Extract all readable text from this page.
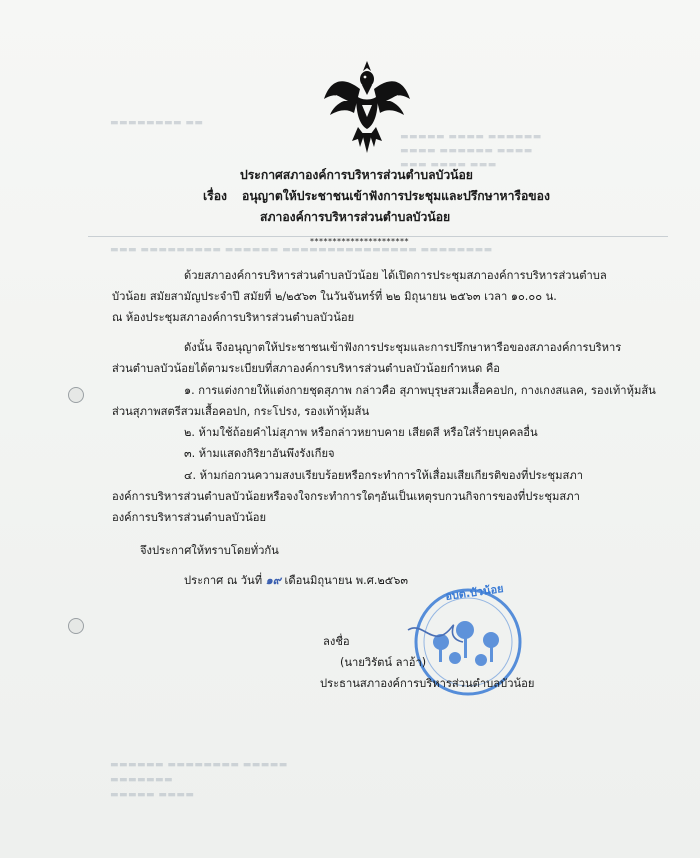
▬▬▬▬▬ ▬▬▬▬ ▬▬▬▬▬▬
▬▬▬▬ ▬▬▬▬▬▬ ▬▬▬▬
▬▬▬ ▬▬▬▬ ▬▬▬
▬▬▬▬▬▬▬▬ ▬▬
▬▬▬ ▬▬▬▬▬▬▬▬▬ ▬▬▬▬▬▬ ▬▬▬▬▬▬▬▬▬▬▬▬▬▬▬ ▬▬▬▬▬▬▬▬
▬▬▬▬▬▬ ▬▬▬▬▬▬▬▬ ▬▬▬▬▬
▬▬▬▬▬▬▬
▬▬▬▬▬ ▬▬▬▬
ประกาศสภาองค์การบริหารส่วนตำบลบัวน้อย
เรื่อง อนุญาตให้ประชาชนเข้าฟังการประชุมและปรึกษาหารือของ
สภาองค์การบริหารส่วนตำบลบัวน้อย
**********************
ด้วยสภาองค์การบริหารส่วนตำบลบัวน้อย ได้เปิดการประชุมสภาองค์การบริหารส่วนตำบล
บัวน้อย สมัยสามัญประจำปี สมัยที่ ๒/๒๕๖๓ ในวันจันทร์ที่ ๒๒ มิถุนายน ๒๕๖๓ เวลา ๑๐.๐๐ น.
ณ ห้องประชุมสภาองค์การบริหารส่วนตำบลบัวน้อย
ดังนั้น จึงอนุญาตให้ประชาชนเข้าฟังการประชุมและการปรึกษาหารือของสภาองค์การบริหาร
ส่วนตำบลบัวน้อยได้ตามระเบียบที่สภาองค์การบริหารส่วนตำบลบัวน้อยกำหนด คือ
๑. การแต่งกายให้แต่งกายชุดสุภาพ กล่าวคือ สุภาพบุรุษสวมเสื้อคอปก, กางเกงสแลค, รองเท้าหุ้มส้น
ส่วนสุภาพสตรีสวมเสื้อคอปก, กระโปรง, รองเท้าหุ้มส้น
๒. ห้ามใช้ถ้อยคำไม่สุภาพ หรือกล่าวหยาบคาย เสียดสี หรือใส่ร้ายบุคคลอื่น
๓. ห้ามแสดงกิริยาอันพึงรังเกียจ
๔. ห้ามก่อกวนความสงบเรียบร้อยหรือกระทำการให้เสื่อมเสียเกียรติของที่ประชุมสภา
องค์การบริหารส่วนตำบลบัวน้อยหรือจงใจกระทำการใดๆอันเป็นเหตุรบกวนกิจการของที่ประชุมสภา
องค์การบริหารส่วนตำบลบัวน้อย
จึงประกาศให้ทราบโดยทั่วกัน
ประกาศ ณ วันที่ ๑๙ เดือนมิถุนายน พ.ศ.๒๕๖๓
อบต.บัวน้อย
ลงชื่อ
(นายวิรัตน์ ลาอ้า)
ประธานสภาองค์การบริหารส่วนตำบลบัวน้อย
